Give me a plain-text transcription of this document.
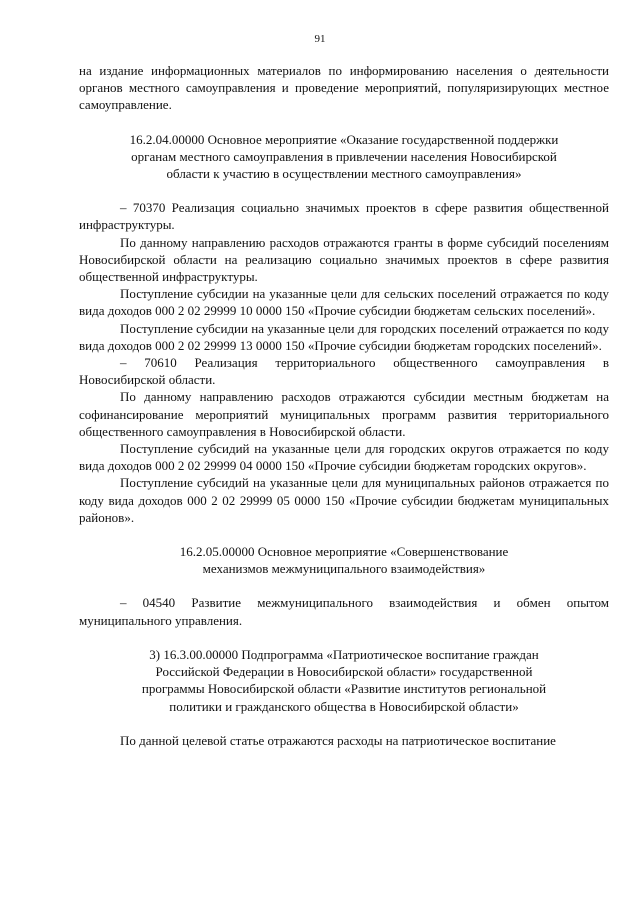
91

на издание информационных материалов по информированию населения о деятельности органов местного самоуправления и проведение мероприятий, популяризирующих местное самоуправление.

16.2.04.00000 Основное мероприятие «Оказание государственной поддержки органам местного самоуправления в привлечении населения Новосибирской области к участию в осуществлении местного самоуправления»

– 70370 Реализация социально значимых проектов в сфере развития общественной инфраструктуры.

По данному направлению расходов отражаются гранты в форме субсидий поселениям Новосибирской области на реализацию социально значимых проектов в сфере развития общественной инфраструктуры.

Поступление субсидии на указанные цели для сельских поселений отражается по коду вида доходов 000 2 02 29999 10 0000 150 «Прочие субсидии бюджетам сельских поселений».

Поступление субсидии на указанные цели для городских поселений отражается по коду вида доходов 000 2 02 29999 13 0000 150 «Прочие субсидии бюджетам городских поселений».

– 70610 Реализация территориального общественного самоуправления в Новосибирской области.

По данному направлению расходов отражаются субсидии местным бюджетам на софинансирование мероприятий муниципальных программ развития территориального общественного самоуправления в Новосибирской области.

Поступление субсидий на указанные цели для городских округов отражается по коду вида доходов 000 2 02 29999 04 0000 150 «Прочие субсидии бюджетам городских округов».

Поступление субсидий на указанные цели для муниципальных районов отражается по коду вида доходов 000 2 02 29999 05 0000 150 «Прочие субсидии бюджетам муниципальных районов».

16.2.05.00000 Основное мероприятие «Совершенствование механизмов межмуниципального взаимодействия»

– 04540 Развитие межмуниципального взаимодействия и обмен опытом муниципального управления.

3) 16.3.00.00000 Подпрограмма «Патриотическое воспитание граждан Российской Федерации в Новосибирской области» государственной программы Новосибирской области «Развитие институтов региональной политики и гражданского общества в Новосибирской области»

По данной целевой статье отражаются расходы на патриотическое воспитание
